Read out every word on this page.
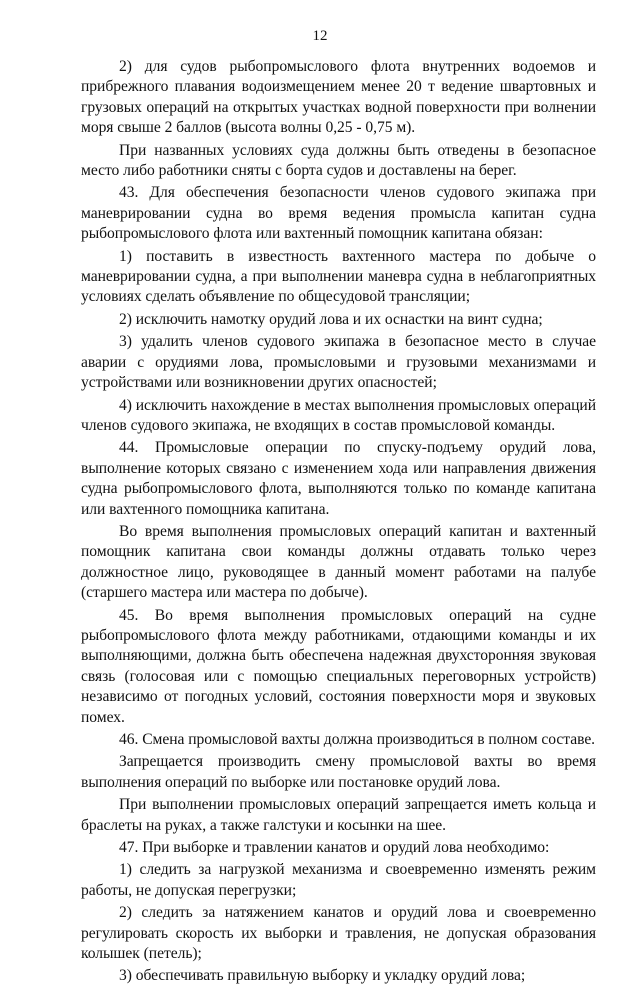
12

2) для судов рыбопромыслового флота внутренних водоемов и прибрежного плавания водоизмещением менее 20 т ведение швартовных и грузовых операций на открытых участках водной поверхности при волнении моря свыше 2 баллов (высота волны 0,25 - 0,75 м).

При названных условиях суда должны быть отведены в безопасное место либо работники сняты с борта судов и доставлены на берег.

43. Для обеспечения безопасности членов судового экипажа при маневрировании судна во время ведения промысла капитан судна рыбопромыслового флота или вахтенный помощник капитана обязан:

1) поставить в известность вахтенного мастера по добыче о маневрировании судна, а при выполнении маневра судна в неблагоприятных условиях сделать объявление по общесудовой трансляции;

2) исключить намотку орудий лова и их оснастки на винт судна;

3) удалить членов судового экипажа в безопасное место в случае аварии с орудиями лова, промысловыми и грузовыми механизмами и устройствами или возникновении других опасностей;

4) исключить нахождение в местах выполнения промысловых операций членов судового экипажа, не входящих в состав промысловой команды.

44. Промысловые операции по спуску-подъему орудий лова, выполнение которых связано с изменением хода или направления движения судна рыбопромыслового флота, выполняются только по команде капитана или вахтенного помощника капитана.

Во время выполнения промысловых операций капитан и вахтенный помощник капитана свои команды должны отдавать только через должностное лицо, руководящее в данный момент работами на палубе (старшего мастера или мастера по добыче).

45. Во время выполнения промысловых операций на судне рыбопромыслового флота между работниками, отдающими команды и их выполняющими, должна быть обеспечена надежная двухсторонняя звуковая связь (голосовая или с помощью специальных переговорных устройств) независимо от погодных условий, состояния поверхности моря и звуковых помех.

46. Смена промысловой вахты должна производиться в полном составе.

Запрещается производить смену промысловой вахты во время выполнения операций по выборке или постановке орудий лова.

При выполнении промысловых операций запрещается иметь кольца и браслеты на руках, а также галстуки и косынки на шее.

47. При выборке и травлении канатов и орудий лова необходимо:

1) следить за нагрузкой механизма и своевременно изменять режим работы, не допуская перегрузки;

2) следить за натяжением канатов и орудий лова и своевременно регулировать скорость их выборки и травления, не допуская образования колышек (петель);

3) обеспечивать правильную выборку и укладку орудий лова;
